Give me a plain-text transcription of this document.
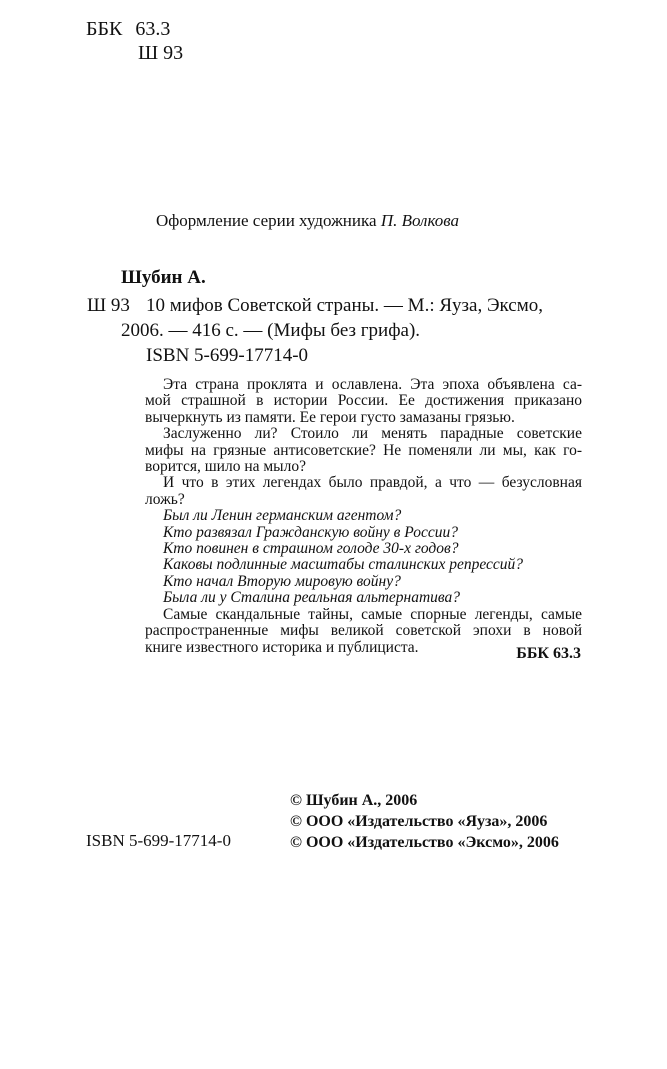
ББК 63.3
Ш 93
Оформление серии художника П. Волкова
Шубин А.
Ш 93 10 мифов Советской страны. — М.: Яуза, Эксмо,
2006. — 416 с. — (Мифы без грифа).
ISBN 5-699-17714-0
Эта страна проклята и ославлена. Эта эпоха объявлена са-
мой страшной в истории России. Ее достижения приказано
вычеркнуть из памяти. Ее герои густо замазаны грязью.
Заслуженно ли? Стоило ли менять парадные советские
мифы на грязные антисоветские? Не поменяли ли мы, как го-
ворится, шило на мыло?
И что в этих легендах было правдой, а что — безусловная
ложь?
Был ли Ленин германским агентом?
Кто развязал Гражданскую войну в России?
Кто повинен в страшном голоде 30-х годов?
Каковы подлинные масштабы сталинских репрессий?
Кто начал Вторую мировую войну?
Была ли у Сталина реальная альтернатива?
Самые скандальные тайны, самые спорные легенды, самые
распространенные мифы великой советской эпохи в новой
книге известного историка и публициста.	ББК 63.3
© Шубин А., 2006
© ООО «Издательство «Яуза», 2006
© ООО «Издательство «Эксмо», 2006
ISBN 5-699-17714-0
